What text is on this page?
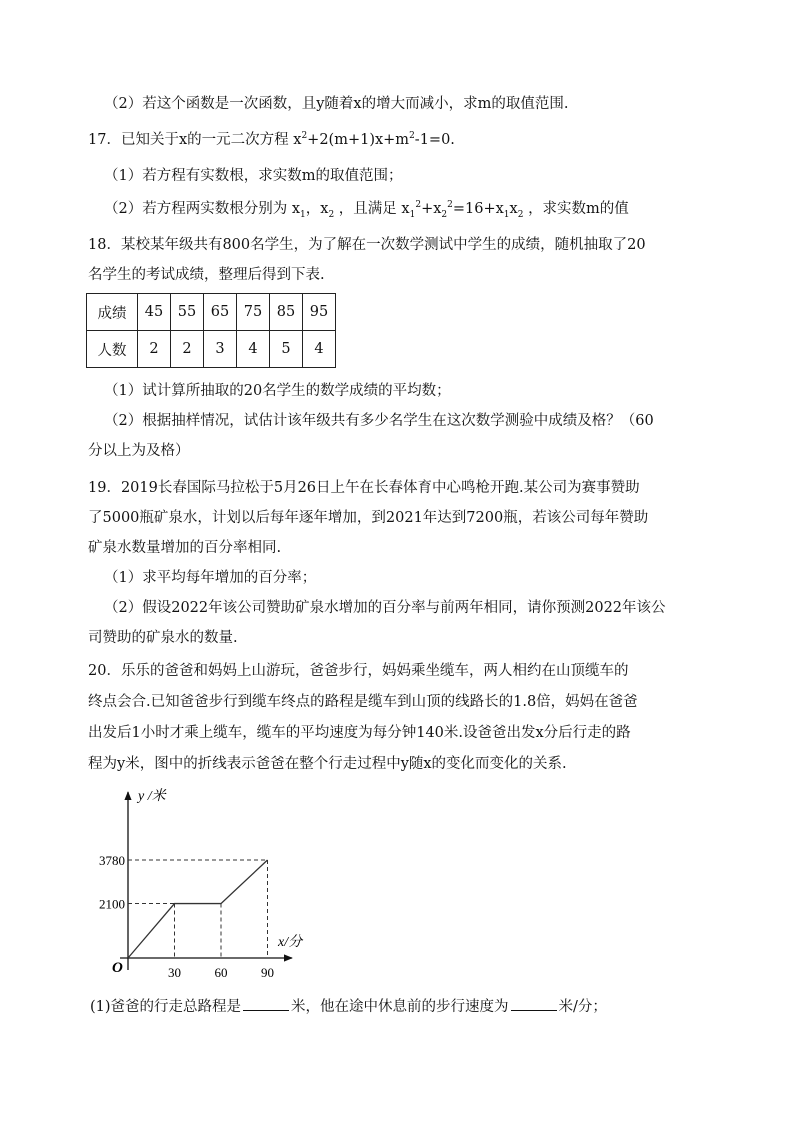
（2）若这个函数是一次函数，且y随着x的增大而减小，求m的取值范围.
17．已知关于x的一元二次方程 $x^2+2(m+1)x+m^2-1=0$.
（1）若方程有实数根，求实数m的取值范围；
（2）若方程两实数根分别为 $x_1$，$x_2$ ，且满足 $x_1^2+x_2^2=16+x_1x_2$ ，求实数m的值
18．某校某年级共有800名学生，为了解在一次数学测试中学生的成绩，随机抽取了20
名学生的考试成绩，整理后得到下表.
成绩	45	55	65	75	85	95
人数	2	2	3	4	5	4
（1）试计算所抽取的20名学生的数学成绩的平均数；
（2）根据抽样情况，试估计该年级共有多少名学生在这次数学测验中成绩及格？（60
分以上为及格）
19．2019长春国际马拉松于5月26日上午在长春体育中心鸣枪开跑.某公司为赛事赞助
了5000瓶矿泉水，计划以后每年逐年增加，到2021年达到7200瓶，若该公司每年赞助
矿泉水数量增加的百分率相同.
（1）求平均每年增加的百分率；
（2）假设2022年该公司赞助矿泉水增加的百分率与前两年相同，请你预测2022年该公
司赞助的矿泉水的数量.
20．乐乐的爸爸和妈妈上山游玩，爸爸步行，妈妈乘坐缆车，两人相约在山顶缆车的
终点会合.已知爸爸步行到缆车终点的路程是缆车到山顶的线路长的1.8倍，妈妈在爸爸
出发后1小时才乘上缆车，缆车的平均速度为每分钟140米.设爸爸出发x分后行走的路
程为y米，图中的折线表示爸爸在整个行走过程中y随x的变化而变化的关系.
30	60	90
2100
3780
y /米
x/分
O
(1)爸爸的行走总路程是	米，他在途中休息前的步行速度为	米/分；
